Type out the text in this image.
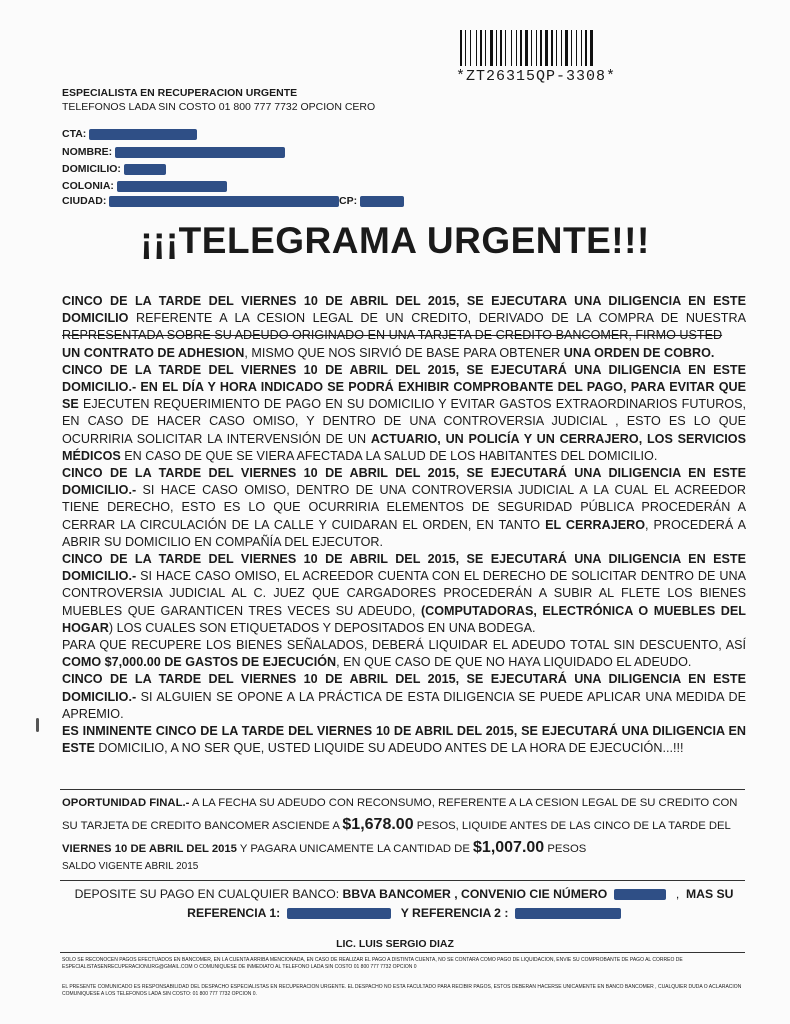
*ZT26315QP-3308*
ESPECIALISTA EN RECUPERACION URGENTE
TELEFONOS LADA SIN COSTO 01 800 777 7732 OPCION CERO
CTA:
NOMBRE:
DOMICILIO:
COLONIA:
CIUDAD:	CP:
¡¡¡TELEGRAMA URGENTE!!!

CINCO DE LA TARDE DEL VIERNES 10 DE ABRIL DEL 2015, SE EJECUTARA UNA DILIGENCIA EN ESTE DOMICILIO REFERENTE A LA CESION LEGAL DE UN CREDITO, DERIVADO DE LA COMPRA DE NUESTRA REPRESENTADA SOBRE SU ADEUDO ORIGINADO EN UNA TARJETA DE CREDITO BANCOMER, FIRMO USTED
UN CONTRATO DE ADHESION, MISMO QUE NOS SIRVIÓ DE BASE PARA OBTENER UNA ORDEN DE COBRO.

CINCO DE LA TARDE DEL VIERNES 10 DE ABRIL DEL 2015, SE EJECUTARÁ UNA DILIGENCIA EN ESTE DOMICILIO.- EN EL DÍA Y HORA INDICADO SE PODRÁ EXHIBIR COMPROBANTE DEL PAGO, PARA EVITAR QUE SE EJECUTEN REQUERIMIENTO DE PAGO EN SU DOMICILIO Y EVITAR GASTOS EXTRAORDINARIOS FUTUROS, EN CASO DE HACER CASO OMISO, Y DENTRO DE UNA CONTROVERSIA JUDICIAL , ESTO ES LO QUE OCURRIRIA SOLICITAR LA INTERVENSIÓN DE UN ACTUARIO, UN POLICÍA Y UN CERRAJERO, LOS SERVICIOS MÉDICOS EN CASO DE QUE SE VIERA AFECTADA LA SALUD DE LOS HABITANTES DEL DOMICILIO.

CINCO DE LA TARDE DEL VIERNES 10 DE ABRIL DEL 2015, SE EJECUTARÁ UNA DILIGENCIA EN ESTE DOMICILIO.- SI HACE CASO OMISO, DENTRO DE UNA CONTROVERSIA JUDICIAL A LA CUAL EL ACREEDOR TIENE DERECHO, ESTO ES LO QUE OCURRIRIA ELEMENTOS DE SEGURIDAD PÚBLICA PROCEDERÁN A CERRAR LA CIRCULACIÓN DE LA CALLE Y CUIDARAN EL ORDEN, EN TANTO EL CERRAJERO, PROCEDERÁ A ABRIR SU DOMICILIO EN COMPAÑÍA DEL EJECUTOR.

CINCO DE LA TARDE DEL VIERNES 10 DE ABRIL DEL 2015, SE EJECUTARÁ UNA DILIGENCIA EN ESTE DOMICILIO.- SI HACE CASO OMISO, EL ACREEDOR CUENTA CON EL DERECHO DE SOLICITAR DENTRO DE UNA CONTROVERSIA JUDICIAL AL C. JUEZ QUE CARGADORES PROCEDERÁN A SUBIR AL FLETE LOS BIENES MUEBLES QUE GARANTICEN TRES VECES SU ADEUDO, (COMPUTADORAS, ELECTRÓNICA O MUEBLES DEL HOGAR) LOS CUALES SON ETIQUETADOS Y DEPOSITADOS EN UNA BODEGA.

PARA QUE RECUPERE LOS BIENES SEÑALADOS, DEBERÁ LIQUIDAR EL ADEUDO TOTAL SIN DESCUENTO, ASÍ COMO $7,000.00 DE GASTOS DE EJECUCIÓN, EN QUE CASO DE QUE NO HAYA LIQUIDADO EL ADEUDO.

CINCO DE LA TARDE DEL VIERNES 10 DE ABRIL DEL 2015, SE EJECUTARÁ UNA DILIGENCIA EN ESTE DOMICILIO.- SI ALGUIEN SE OPONE A LA PRÁCTICA DE ESTA DILIGENCIA SE PUEDE APLICAR UNA MEDIDA DE APREMIO.

ES INMINENTE CINCO DE LA TARDE DEL VIERNES 10 DE ABRIL DEL 2015, SE EJECUTARÁ UNA DILIGENCIA EN ESTE DOMICILIO, A NO SER QUE, USTED LIQUIDE SU ADEUDO ANTES DE LA HORA DE EJECUCIÓN...!!!

OPORTUNIDAD FINAL.- A LA FECHA SU ADEUDO CON RECONSUMO, REFERENTE A LA CESION LEGAL DE SU CREDITO CON SU TARJETA DE CREDITO BANCOMER ASCIENDE A $1,678.00 PESOS, LIQUIDE ANTES DE LAS CINCO DE LA TARDE DEL VIERNES 10 DE ABRIL DEL 2015 Y PAGARA UNICAMENTE LA CANTIDAD DE $1,007.00 PESOS
SALDO VIGENTE ABRIL 2015
DEPOSITE SU PAGO EN CUALQUIER BANCO: BBVA BANCOMER , CONVENIO CIE NÚMERO	,  MAS SU
REFERENCIA 1:	Y REFERENCIA 2 :
LIC. LUIS SERGIO DIAZ
SOLO SE RECONOCEN PAGOS EFECTUADOS EN BANCOMER, EN LA CUENTA ARRIBA MENCIONADA, EN CASO DE REALIZAR EL PAGO A DISTINTA CUENTA, NO SE CONTARA COMO PAGO DE LIQUIDACION, ENVIE SU COMPROBANTE DE PAGO AL CORREO DE ESPECIALISTASENRECUPERACIONURG@GMAIL.COM O COMUNIQUESE DE INMEDIATO AL TELEFONO LADA SIN COSTO 01 800 777 7732 OPCION 0
EL PRESENTE COMUNICADO ES RESPONSABILIDAD DEL DESPACHO ESPECIALISTAS EN RECUPERACION URGENTE. EL DESPACHO NO ESTA FACULTADO PARA RECIBIR PAGOS, ESTOS DEBERAN HACERSE UNICAMENTE EN BANCO BANCOMER , CUALQUIER DUDA O ACLARACION COMUNIQUESE A LOS TELEFONOS LADA SIN COSTO: 01 800 777 7732 OPCION 0.
